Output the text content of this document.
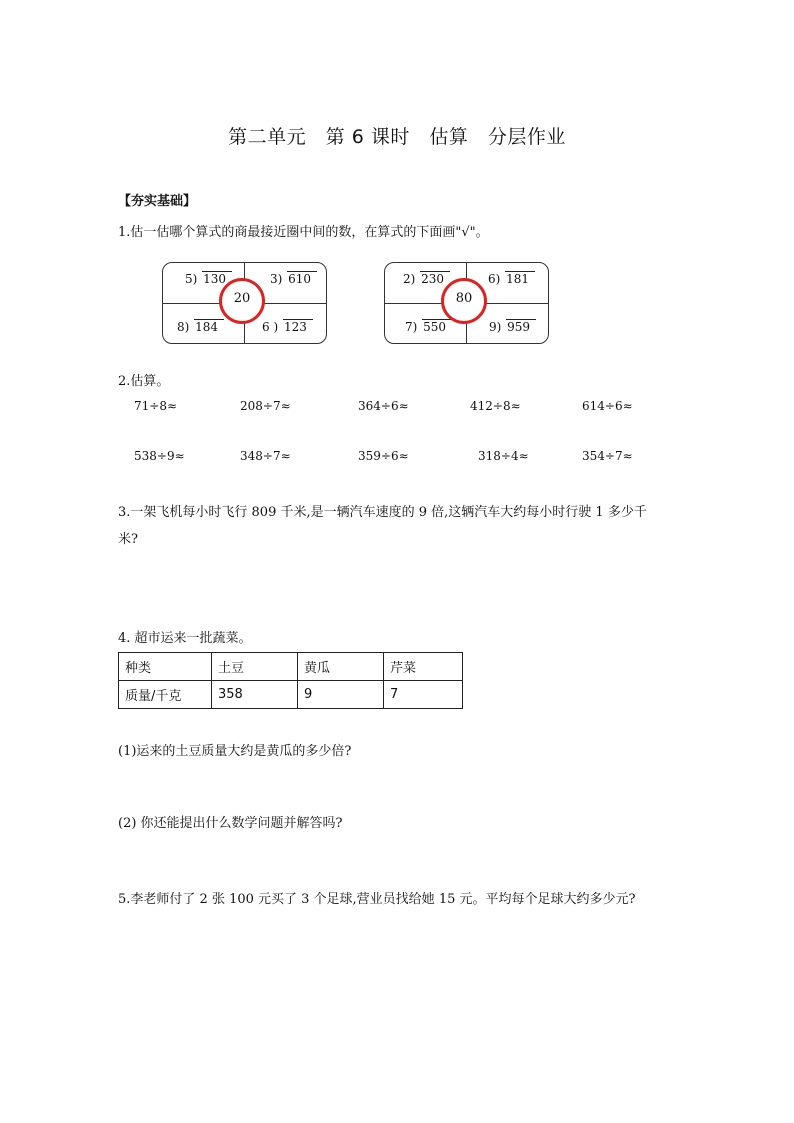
第二单元　第 6 课时　估算　分层作业
【夯实基础】
1.估一估哪个算式的商最接近圈中间的数，在算式的下面画"√"。
5) 130	3) 610
8) 184	6 ) 123
20
2) 230	6) 181
7) 550	9) 959
80
2.估算。
71÷8≈	208÷7≈	364÷6≈	412÷8≈	614÷6≈
538÷9≈	348÷7≈	359÷6≈	318÷4≈	354÷7≈
3.一架飞机每小时飞行 809 千米,是一辆汽车速度的 9 倍,这辆汽车大约每小时行驶 1 多少千
米?
4. 超市运来一批蔬菜。
种类	土豆	黄瓜	芹菜
质量/千克	358	9	7
(1)运来的土豆质量大约是黄瓜的多少倍?
(2) 你还能提出什么数学问题并解答吗?
5.李老师付了 2 张 100 元买了 3 个足球,营业员找给她 15 元。平均每个足球大约多少元?
